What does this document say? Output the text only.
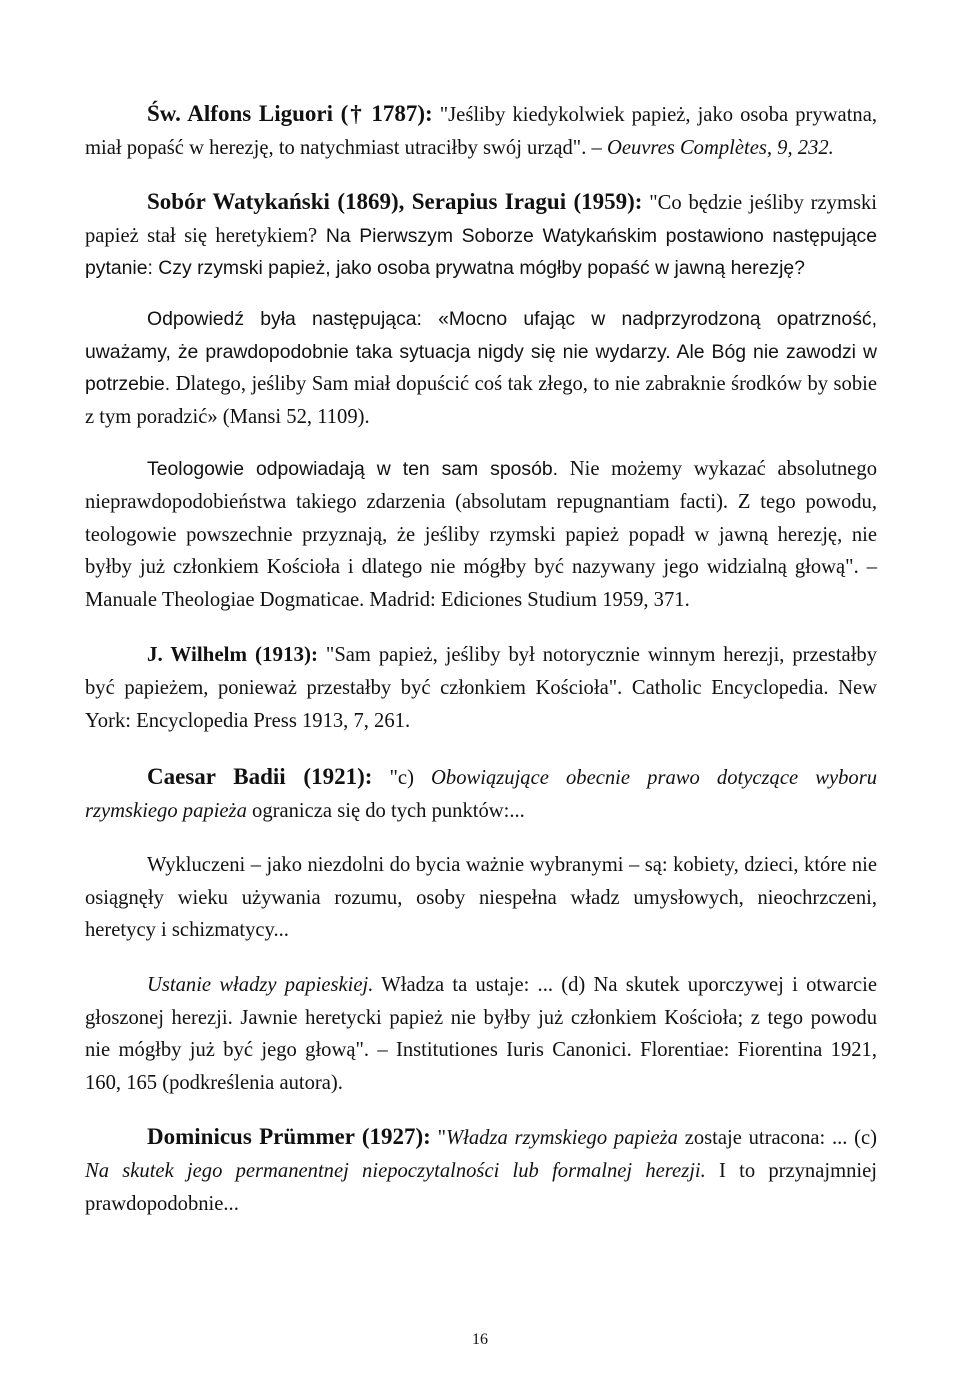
Św. Alfons Liguori († 1787): "Jeśliby kiedykolwiek papież, jako osoba prywatna, miał popaść w herezję, to natychmiast utraciłby swój urząd". – Oeuvres Complètes, 9, 232.

Sobór Watykański (1869), Serapius Iragui (1959): "Co będzie jeśliby rzymski papież stał się heretykiem? Na Pierwszym Soborze Watykańskim postawiono następujące pytanie: Czy rzymski papież, jako osoba prywatna mógłby popaść w jawną herezję?

Odpowiedź była następująca: «Mocno ufając w nadprzyrodzoną opatrzność, uważamy, że prawdopodobnie taka sytuacja nigdy się nie wydarzy. Ale Bóg nie zawodzi w potrzebie. Dlatego, jeśliby Sam miał dopuścić coś tak złego, to nie zabraknie środków by sobie z tym poradzić» (Mansi 52, 1109).

Teologowie odpowiadają w ten sam sposób. Nie możemy wykazać absolutnego nieprawdopodobieństwa takiego zdarzenia (absolutam repugnantiam facti). Z tego powodu, teologowie powszechnie przyznają, że jeśliby rzymski papież popadł w jawną herezję, nie byłby już członkiem Kościoła i dlatego nie mógłby być nazywany jego widzialną głową". – Manuale Theologiae Dogmaticae. Madrid: Ediciones Studium 1959, 371.

J. Wilhelm (1913): "Sam papież, jeśliby był notorycznie winnym herezji, przestałby być papieżem, ponieważ przestałby być członkiem Kościoła". Catholic Encyclopedia. New York: Encyclopedia Press 1913, 7, 261.

Caesar Badii (1921): "c) Obowiązujące obecnie prawo dotyczące wyboru rzymskiego papieża ogranicza się do tych punktów:...

Wykluczeni – jako niezdolni do bycia ważnie wybranymi – są: kobiety, dzieci, które nie osiągnęły wieku używania rozumu, osoby niespełna władz umysłowych, nieochrzczeni, heretycy i schizmatycy...

Ustanie władzy papieskiej. Władza ta ustaje: ... (d) Na skutek uporczywej i otwarcie głoszonej herezji. Jawnie heretycki papież nie byłby już członkiem Kościoła; z tego powodu nie mógłby już być jego głową". – Institutiones Iuris Canonici. Florentiae: Fiorentina 1921, 160, 165 (podkreślenia autora).

Dominicus Prümmer (1927): "Władza rzymskiego papieża zostaje utracona: ... (c) Na skutek jego permanentnej niepoczytalności lub formalnej herezji. I to przynajmniej prawdopodobnie...

16
